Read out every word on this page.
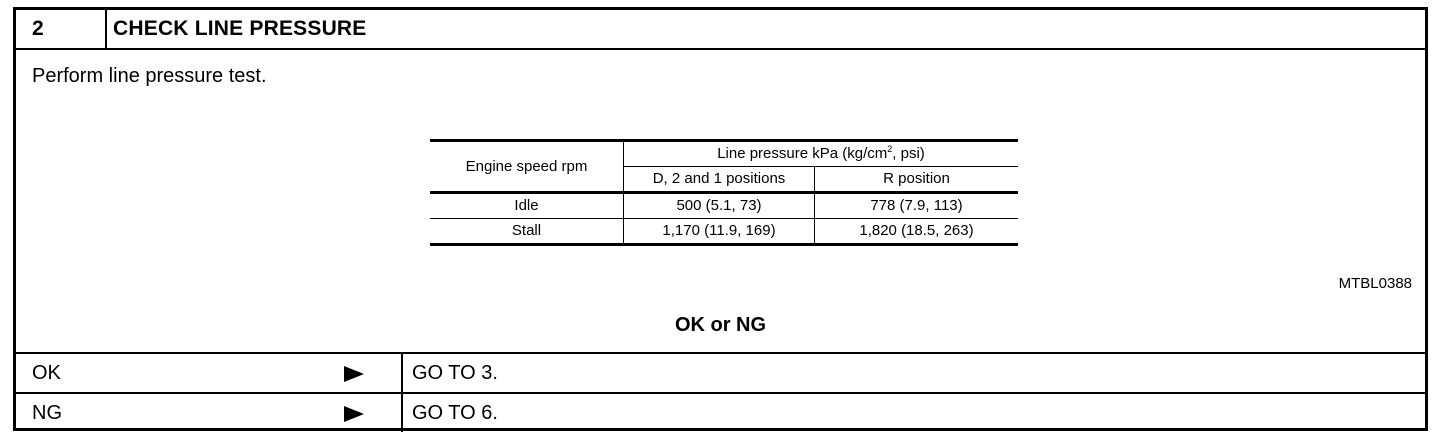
2	CHECK LINE PRESSURE
Perform line pressure test.
Engine speed rpm	Line pressure kPa ($kg/cm^2$, psi)	
	D, 2 and 1 positions	R position
Idle	500 (5.1, 73)	778 (7.9, 113)
Stall	1,170 (11.9, 169)	1,820 (18.5, 263)
MTBL0388
OK or NG
OK	GO TO 3.
NG	GO TO 6.
